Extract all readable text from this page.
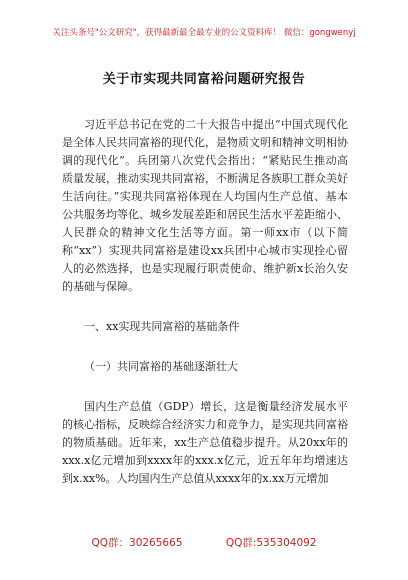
关注头条号"公文研究"，获得最新最全最专业的公文资料库！ 微信：gongwenyj
关于市实现共同富裕问题研究报告

习近平总书记在党的二十大报告中提出“中国式现代化是全体人民共同富裕的现代化，是物质文明和精神文明相协调的现代化”。兵团第八次党代会指出：“紧贴民生推动高质量发展，推动实现共同富裕，不断满足各族职工群众美好生活向往。”实现共同富裕体现在人均国内生产总值、基本公共服务均等化、城乡发展差距和居民生活水平差距缩小、人民群众的精神文化生活等方面。第一师xx市（以下简称“xx”）实现共同富裕是建设xx兵团中心城市实现拴心留人的必然选择，也是实现履行职责使命、维护新x长治久安的基础与保障。

一、xx实现共同富裕的基础条件

（一）共同富裕的基础逐渐壮大

国内生产总值（GDP）增长，这是衡量经济发展水平的核心指标，反映综合经济实力和竞争力，是实现共同富裕的物质基础。近年来，xx生产总值稳步提升。从20xx年的xxx.x亿元增加到xxxx年的xxx.x亿元，近五年年均增速达到x.xx%。人均国内生产总值从xxxx年的x.xx万元增加

QQ群：30265665	QQ群:535304092
